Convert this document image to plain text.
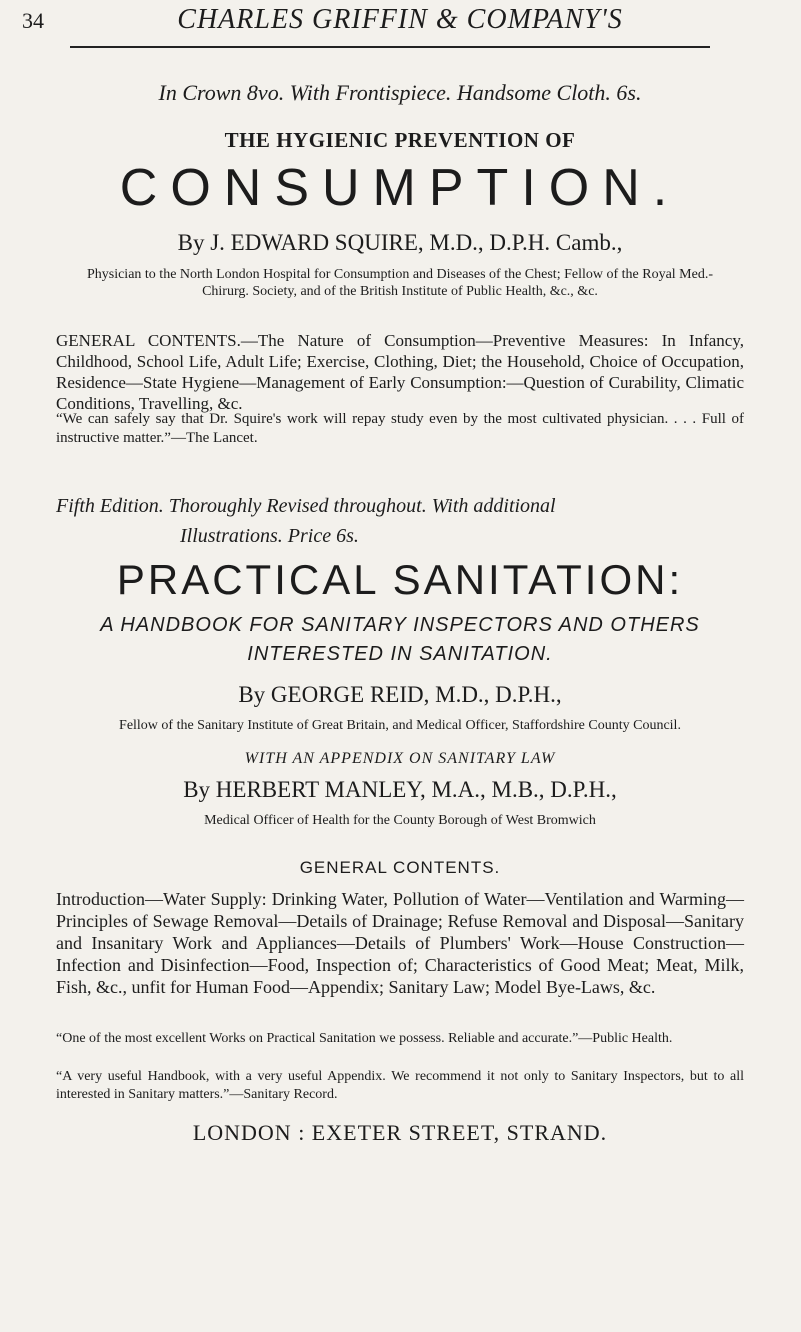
34	CHARLES GRIFFIN & COMPANY'S
In Crown 8vo. With Frontispiece. Handsome Cloth. 6s.
THE HYGIENIC PREVENTION OF
CONSUMPTION.
By J. EDWARD SQUIRE, M.D., D.P.H. Camb.,
Physician to the North London Hospital for Consumption and Diseases of the Chest; Fellow of the Royal Med.-Chirurg. Society, and of the British Institute of Public Health, &c., &c.
GENERAL CONTENTS.—The Nature of Consumption—Preventive Measures: In Infancy, Childhood, School Life, Adult Life; Exercise, Clothing, Diet; the Household, Choice of Occupation, Residence—State Hygiene—Management of Early Consumption:—Question of Curability, Climatic Conditions, Travelling, &c.
“We can safely say that Dr. Squire's work will repay study even by the most cultivated physician. . . . Full of instructive matter.”—The Lancet.
Fifth Edition. Thoroughly Revised throughout. With additional
Illustrations. Price 6s.
PRACTICAL SANITATION:
A HANDBOOK FOR SANITARY INSPECTORS AND OTHERS
INTERESTED IN SANITATION.
By GEORGE REID, M.D., D.P.H.,
Fellow of the Sanitary Institute of Great Britain, and Medical Officer, Staffordshire County Council.
WITH AN APPENDIX ON SANITARY LAW
By HERBERT MANLEY, M.A., M.B., D.P.H.,
Medical Officer of Health for the County Borough of West Bromwich
GENERAL CONTENTS.
Introduction—Water Supply: Drinking Water, Pollution of Water—Ventilation and Warming—Principles of Sewage Removal—Details of Drainage; Refuse Removal and Disposal—Sanitary and Insanitary Work and Appliances—Details of Plumbers' Work—House Construction—Infection and Disinfection—Food, Inspection of; Characteristics of Good Meat; Meat, Milk, Fish, &c., unfit for Human Food—Appendix; Sanitary Law; Model Bye-Laws, &c.
“One of the most excellent Works on Practical Sanitation we possess. Reliable and accurate.”—Public Health.
“A very useful Handbook, with a very useful Appendix. We recommend it not only to Sanitary Inspectors, but to all interested in Sanitary matters.”—Sanitary Record.
LONDON : EXETER STREET, STRAND.
